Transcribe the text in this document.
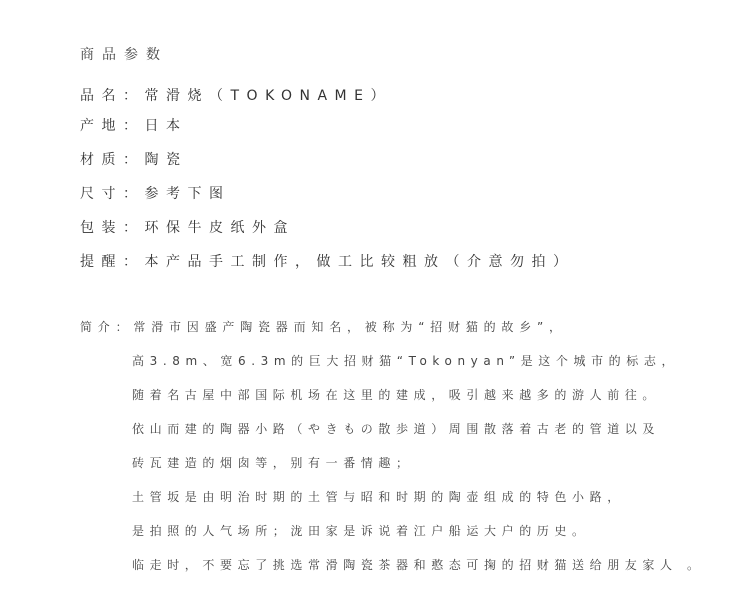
商品参数
品名：常滑烧（TOKONAME）
产地：日本
材质：陶瓷
尺寸：参考下图
包装：环保牛皮纸外盒
提醒：本产品手工制作，做工比较粗放（介意勿拍）
简介：常滑市因盛产陶瓷器而知名，被称为“招财猫的故乡”，
高3.8m、宽6.3m的巨大招财猫“Tokonyan”是这个城市的标志，
随着名古屋中部国际机场在这里的建成，吸引越来越多的游人前往。
依山而建的陶器小路（やきもの散歩道）周围散落着古老的管道以及
砖瓦建造的烟囱等，别有一番情趣；
土管坂是由明治时期的土管与昭和时期的陶壶组成的特色小路，
是拍照的人气场所；泷田家是诉说着江户船运大户的历史。
临走时，不要忘了挑选常滑陶瓷茶器和憨态可掬的招财猫送给朋友家人 。
